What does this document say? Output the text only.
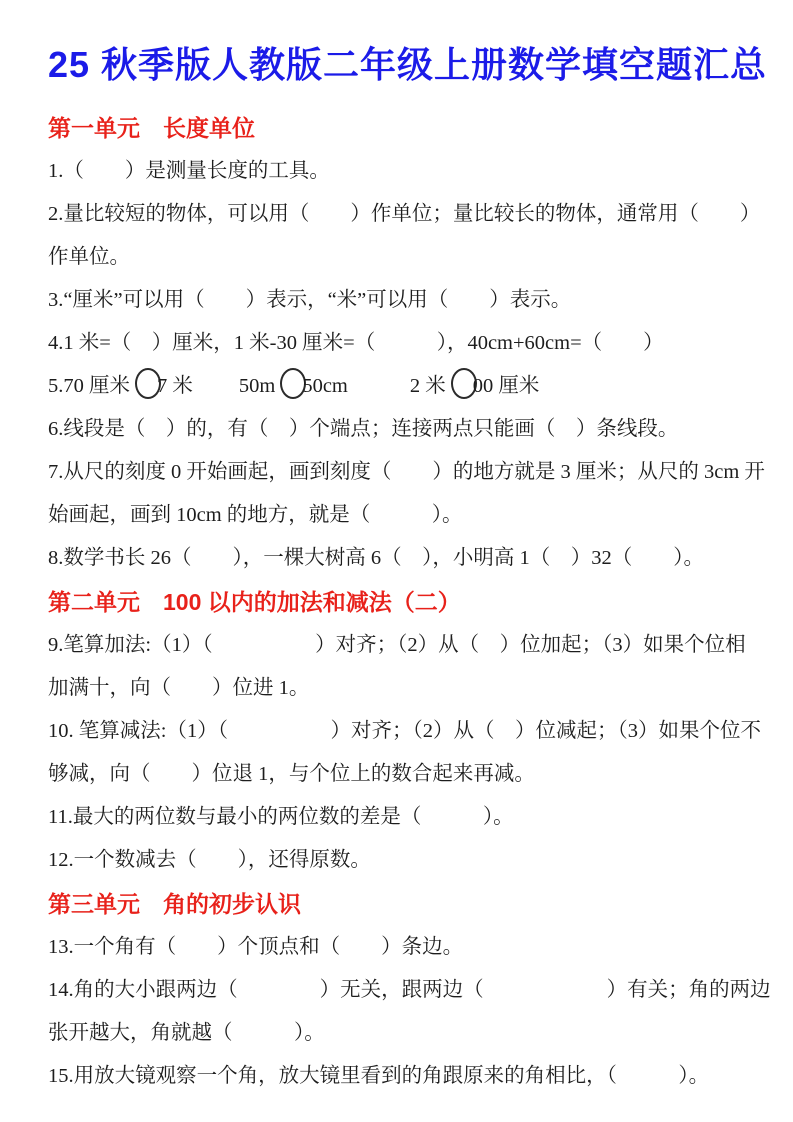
25 秋季版人教版二年级上册数学填空题汇总
第一单元　长度单位
1.（　　）是测量长度的工具。
2.量比较短的物体，可以用（　　）作单位；量比较长的物体，通常用（　　）
作单位。
3.“厘米”可以用（　　）表示，“米”可以用（　　）表示。
4.1 米=（　）厘米，1 米-30 厘米=（　　　），40cm+60cm=（　　）
5.70 厘米 7 米 50m 50cm	2 米 00 厘米
6.线段是（　）的，有（　）个端点；连接两点只能画（　）条线段。
7.从尺的刻度 0 开始画起，画到刻度（　　）的地方就是 3 厘米；从尺的 3cm 开
始画起，画到 10cm 的地方，就是（　　　）。
8.数学书长 26（　　），一棵大树高 6（　），小明高 1（　）32（　　）。
第二单元　100 以内的加法和减法（二）
9.笔算加法:（1）（　　　　　）对齐；（2）从（　）位加起；（3）如果个位相
加满十，向（　　）位进 1。
10. 笔算减法:（1）（　　　　　）对齐；（2）从（　）位减起；（3）如果个位不
够减，向（　　）位退 1，与个位上的数合起来再减。
11.最大的两位数与最小的两位数的差是（　　　）。
12.一个数减去（　　），还得原数。
第三单元　角的初步认识
13.一个角有（　　）个顶点和（　　）条边。
14.角的大小跟两边（　　　　）无关，跟两边（　　　　　　）有关；角的两边
张开越大，角就越（　　　）。
15.用放大镜观察一个角，放大镜里看到的角跟原来的角相比，（　　　）。
